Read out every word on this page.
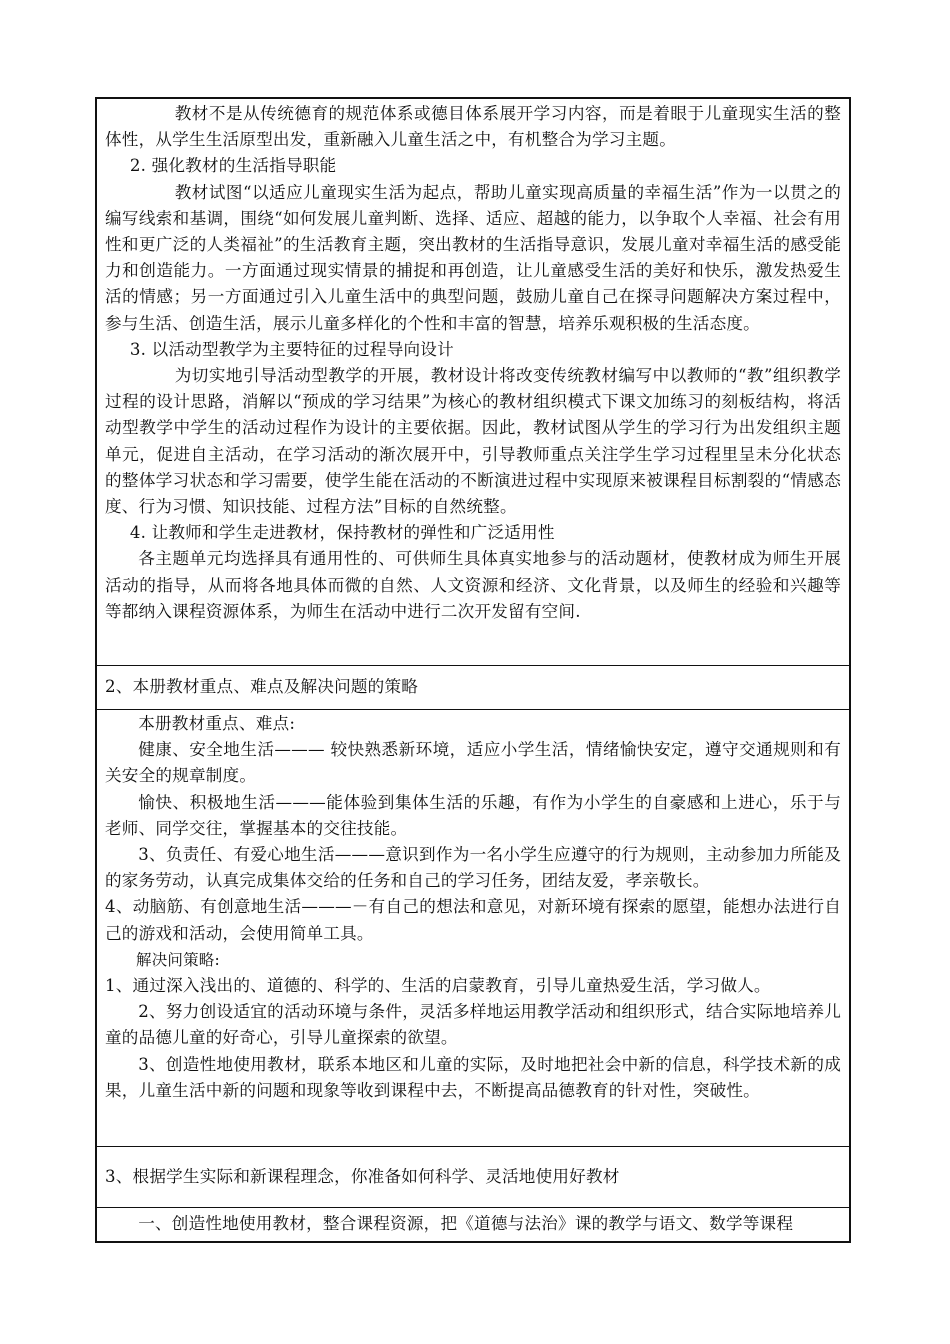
教材不是从传统德育的规范体系或德目体系展开学习内容，而是着眼于儿童现实生活的整体性，从学生生活原型出发，重新融入儿童生活之中，有机整合为学习主题。

2. 强化教材的生活指导职能

教材试图“以适应儿童现实生活为起点，帮助儿童实现高质量的幸福生活”作为一以贯之的编写线索和基调，围绕“如何发展儿童判断、选择、适应、超越的能力，以争取个人幸福、社会有用性和更广泛的人类福祉”的生活教育主题，突出教材的生活指导意识，发展儿童对幸福生活的感受能力和创造能力。一方面通过现实情景的捕捉和再创造，让儿童感受生活的美好和快乐，激发热爱生活的情感；另一方面通过引入儿童生活中的典型问题，鼓励儿童自己在探寻问题解决方案过程中，参与生活、创造生活，展示儿童多样化的个性和丰富的智慧，培养乐观积极的生活态度。

3. 以活动型教学为主要特征的过程导向设计

为切实地引导活动型教学的开展，教材设计将改变传统教材编写中以教师的“教”组织教学过程的设计思路，消解以“预成的学习结果”为核心的教材组织模式下课文加练习的刻板结构，将活动型教学中学生的活动过程作为设计的主要依据。因此，教材试图从学生的学习行为出发组织主题单元，促进自主活动，在学习活动的渐次展开中，引导教师重点关注学生学习过程里呈未分化状态的整体学习状态和学习需要，使学生能在活动的不断演进过程中实现原来被课程目标割裂的“情感态度、行为习惯、知识技能、过程方法”目标的自然统整。

4. 让教师和学生走进教材，保持教材的弹性和广泛适用性

各主题单元均选择具有通用性的、可供师生具体真实地参与的活动题材，使教材成为师生开展活动的指导，从而将各地具体而微的自然、人文资源和经济、文化背景，以及师生的经验和兴趣等等都纳入课程资源体系，为师生在活动中进行二次开发留有空间.

2、本册教材重点、难点及解决问题的策略

本册教材重点、难点:

健康、安全地生活——— 较快熟悉新环境，适应小学生活，情绪愉快安定，遵守交通规则和有关安全的规章制度。

愉快、积极地生活———能体验到集体生活的乐趣，有作为小学生的自豪感和上进心，乐于与老师、同学交往，掌握基本的交往技能。

3、负责任、有爱心地生活———意识到作为一名小学生应遵守的行为规则，主动参加力所能及的家务劳动，认真完成集体交给的任务和自己的学习任务，团结友爱，孝亲敬长。

4、动脑筋、有创意地生活———－有自己的想法和意见，对新环境有探索的愿望，能想办法进行自己的游戏和活动，会使用简单工具。

解决问策略:

1、通过深入浅出的、道德的、科学的、生活的启蒙教育，引导儿童热爱生活，学习做人。

2、努力创设适宜的活动环境与条件，灵活多样地运用教学活动和组织形式，结合实际地培养儿童的品德儿童的好奇心，引导儿童探索的欲望。

3、创造性地使用教材，联系本地区和儿童的实际，及时地把社会中新的信息，科学技术新的成果，儿童生活中新的问题和现象等收到课程中去，不断提高品德教育的针对性，突破性。

3、根据学生实际和新课程理念，你准备如何科学、灵活地使用好教材

一、创造性地使用教材，整合课程资源，把《道德与法治》课的教学与语文、数学等课程
